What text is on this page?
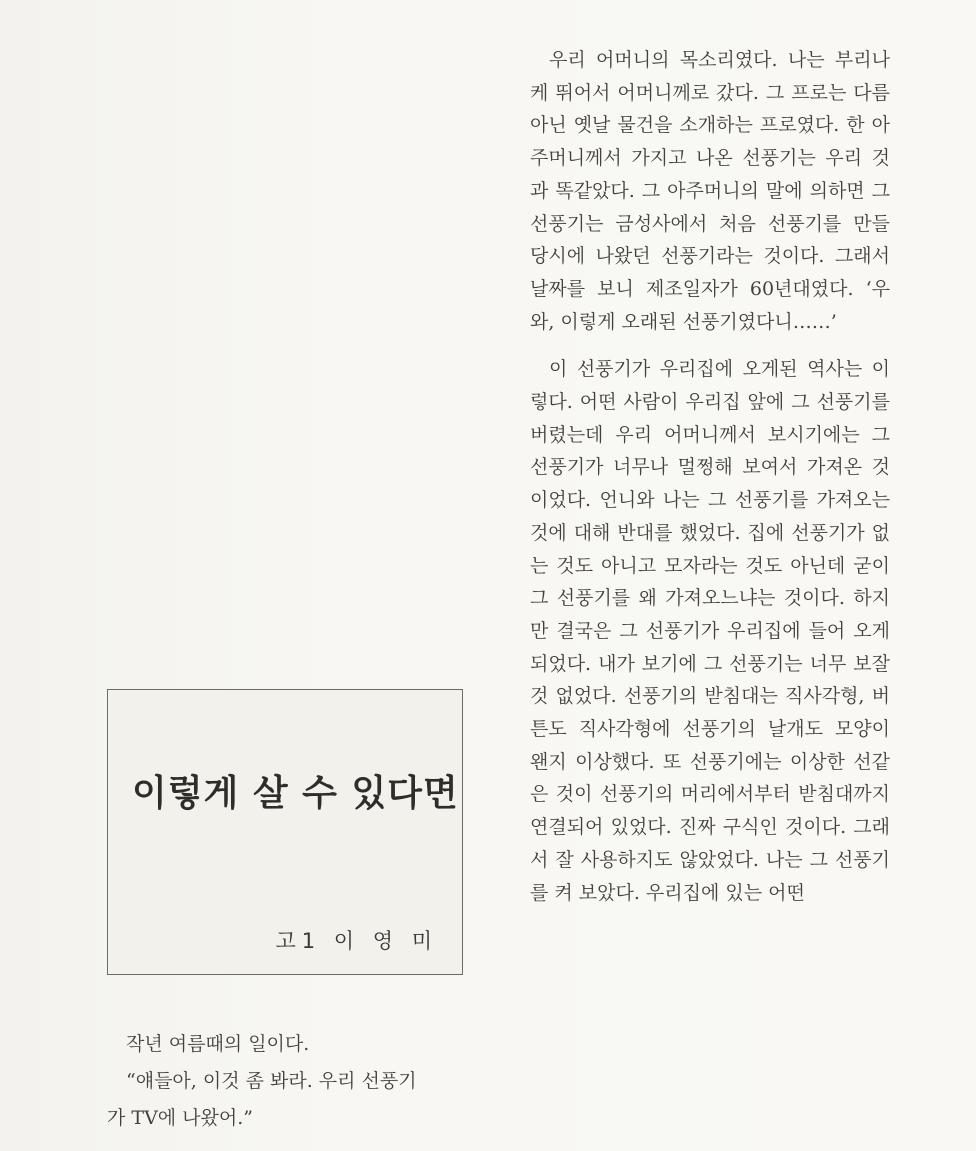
이렇게 살 수 있다면
고1 이 영 미
작년 여름때의 일이다.
“얘들아, 이것 좀 봐라. 우리 선풍기
가 TV에 나왔어.”

우리 어머니의 목소리였다. 나는 부리나케 뛰어서 어머니께로 갔다. 그 프로는 다름아닌 옛날 물건을 소개하는 프로였다. 한 아주머니께서 가지고 나온 선풍기는 우리 것과 똑같았다. 그 아주머니의 말에 의하면 그 선풍기는 금성사에서 처음 선풍기를 만들 당시에 나왔던 선풍기라는 것이다. 그래서 날짜를 보니 제조일자가 60년대였다. ‘우와, 이렇게 오래된 선풍기였다니……’

이 선풍기가 우리집에 오게된 역사는 이렇다. 어떤 사람이 우리집 앞에 그 선풍기를 버렸는데 우리 어머니께서 보시기에는 그 선풍기가 너무나 멀쩡해 보여서 가져온 것이었다. 언니와 나는 그 선풍기를 가져오는 것에 대해 반대를 했었다. 집에 선풍기가 없는 것도 아니고 모자라는 것도 아닌데 굳이 그 선풍기를 왜 가져오느냐는 것이다. 하지만 결국은 그 선풍기가 우리집에 들어 오게 되었다. 내가 보기에 그 선풍기는 너무 보잘것 없었다. 선풍기의 받침대는 직사각형, 버튼도 직사각형에 선풍기의 날개도 모양이 왠지 이상했다. 또 선풍기에는 이상한 선같은 것이 선풍기의 머리에서부터 받침대까지 연결되어 있었다. 진짜 구식인 것이다. 그래서 잘 사용하지도 않았었다. 나는 그 선풍기를 켜 보았다. 우리집에 있는 어떤
